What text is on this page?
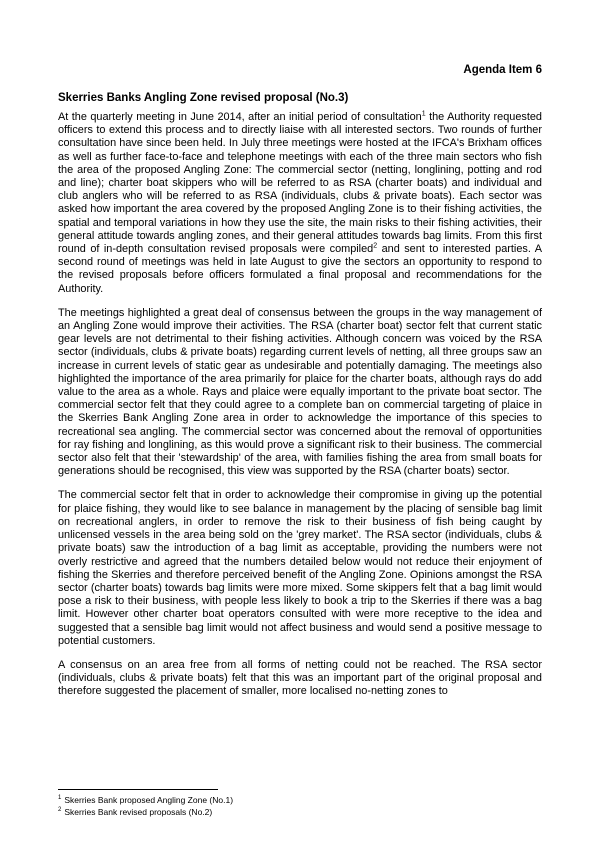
Agenda Item 6
Skerries Banks Angling Zone revised proposal (No.3)

At the quarterly meeting in June 2014, after an initial period of consultation$^1$ the Authority requested officers to extend this process and to directly liaise with all interested sectors. Two rounds of further consultation have since been held. In July three meetings were hosted at the IFCA's Brixham offices as well as further face-to-face and telephone meetings with each of the three main sectors who fish the area of the proposed Angling Zone: The commercial sector (netting, longlining, potting and rod and line); charter boat skippers who will be referred to as RSA (charter boats) and individual and club anglers who will be referred to as RSA (individuals, clubs & private boats). Each sector was asked how important the area covered by the proposed Angling Zone is to their fishing activities, the spatial and temporal variations in how they use the site, the main risks to their fishing activities, their general attitude towards angling zones, and their general attitudes towards bag limits. From this first round of in-depth consultation revised proposals were compiled$^2$ and sent to interested parties. A second round of meetings was held in late August to give the sectors an opportunity to respond to the revised proposals before officers formulated a final proposal and recommendations for the Authority.

The meetings highlighted a great deal of consensus between the groups in the way management of an Angling Zone would improve their activities. The RSA (charter boat) sector felt that current static gear levels are not detrimental to their fishing activities. Although concern was voiced by the RSA sector (individuals, clubs & private boats) regarding current levels of netting, all three groups saw an increase in current levels of static gear as undesirable and potentially damaging. The meetings also highlighted the importance of the area primarily for plaice for the charter boats, although rays do add value to the area as a whole. Rays and plaice were equally important to the private boat sector. The commercial sector felt that they could agree to a complete ban on commercial targeting of plaice in the Skerries Bank Angling Zone area in order to acknowledge the importance of this species to recreational sea angling. The commercial sector was concerned about the removal of opportunities for ray fishing and longlining, as this would prove a significant risk to their business. The commercial sector also felt that their 'stewardship' of the area, with families fishing the area from small boats for generations should be recognised, this view was supported by the RSA (charter boats) sector.

The commercial sector felt that in order to acknowledge their compromise in giving up the potential for plaice fishing, they would like to see balance in management by the placing of sensible bag limit on recreational anglers, in order to remove the risk to their business of fish being caught by unlicensed vessels in the area being sold on the 'grey market'. The RSA sector (individuals, clubs & private boats) saw the introduction of a bag limit as acceptable, providing the numbers were not overly restrictive and agreed that the numbers detailed below would not reduce their enjoyment of fishing the Skerries and therefore perceived benefit of the Angling Zone. Opinions amongst the RSA sector (charter boats) towards bag limits were more mixed. Some skippers felt that a bag limit would pose a risk to their business, with people less likely to book a trip to the Skerries if there was a bag limit. However other charter boat operators consulted with were more receptive to the idea and suggested that a sensible bag limit would not affect business and would send a positive message to potential customers.

A consensus on an area free from all forms of netting could not be reached. The RSA sector (individuals, clubs & private boats) felt that this was an important part of the original proposal and therefore suggested the placement of smaller, more localised no-netting zones to

$^1$ Skerries Bank proposed Angling Zone (No.1)
$^2$ Skerries Bank revised proposals (No.2)
